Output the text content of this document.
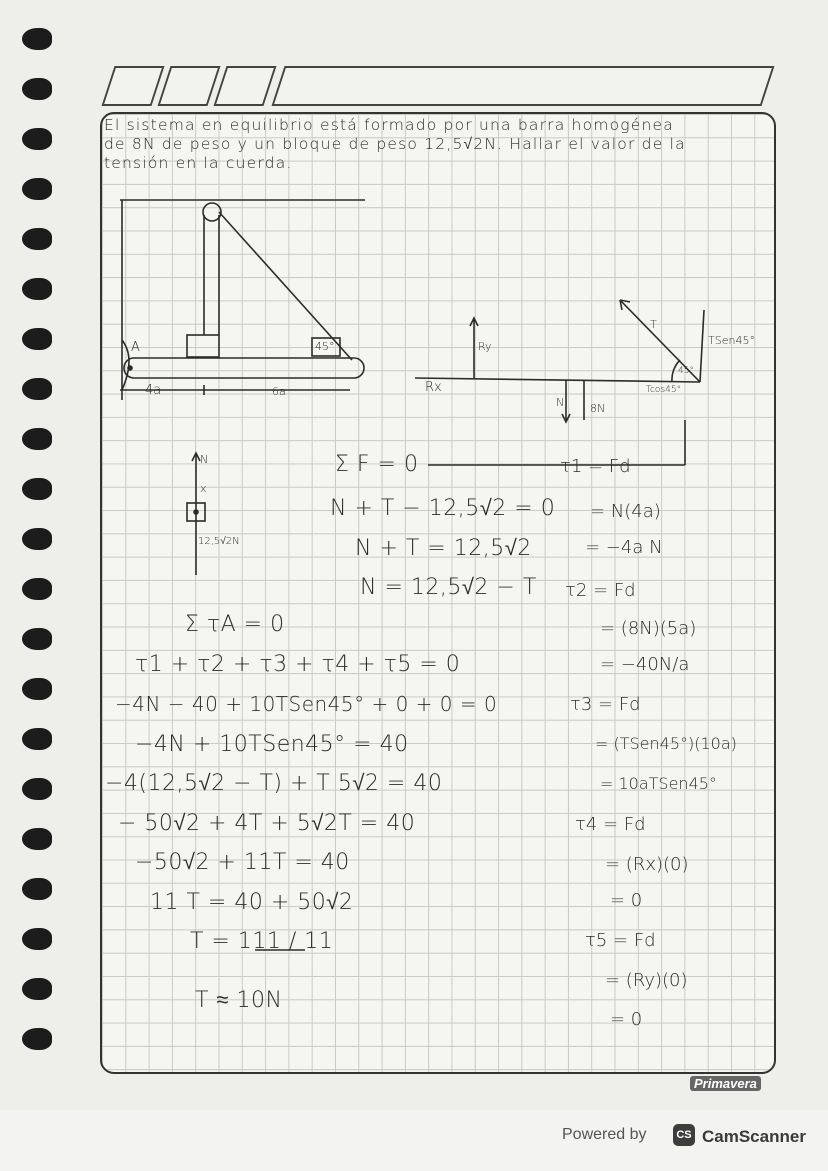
El sistema en equilibrio está formado por una barra homogénea
de 8N de peso y un bloque de peso 12,5√2N. Hallar el valor de la
tensión en la cuerda.
A	45°
4a	6a
Ry
Rx
N 8N
T
TSen45°
Tcos45°
45°
N
x
12,5√2N
Σ F = 0
N + T − 12,5√2 = 0
N + T = 12,5√2
N = 12,5√2 − T
Σ τA = 0
τ1 + τ2 + τ3 + τ4 + τ5 = 0
−4N − 40 + 10TSen45° + 0 + 0 = 0
−4N + 10TSen45° = 40
−4(12,5√2 − T) + T 5√2 = 40
− 50√2 + 4T + 5√2T = 40
−50√2 + 11T = 40
11 T = 40 + 50√2
T = 111 / 11
T ≈ 10N
τ1 = Fd
= N(4a)
= −4a N
τ2 = Fd
= (8N)(5a)
= −40N/a
τ3 = Fd
= (TSen45°)(10a)
= 10aTSen45°
τ4 = Fd
= (Rx)(0)
= 0
τ5 = Fd
= (Ry)(0)
= 0
Primavera
Powered by	CS CamScanner
